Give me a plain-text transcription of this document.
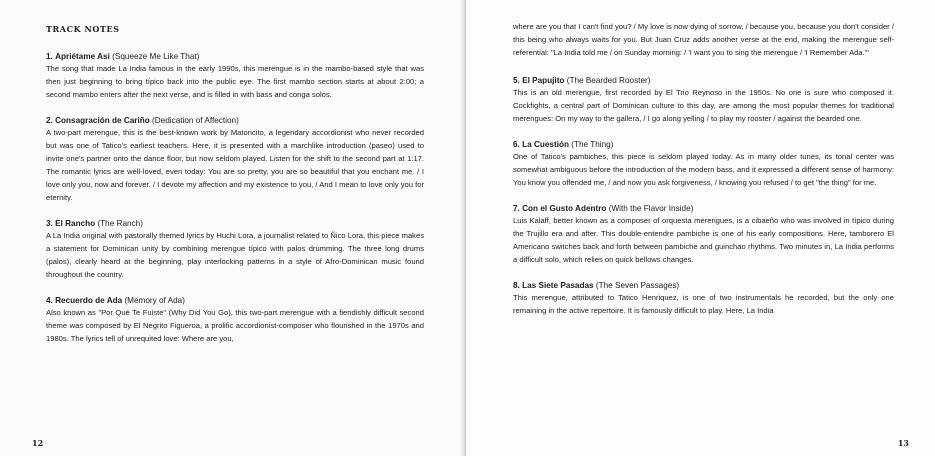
TRACK NOTES

1. Apriétame Asi (Squeeze Me Like That)

The song that made La India famous in the early 1990s, this merengue is in the mambo-based style that was then just beginning to bring típico back into the public eye. The first mambo section starts at about 2:00; a second mambo enters after the next verse, and is filled in with bass and conga solos.

2. Consagración de Cariño (Dedication of Affection)

A two-part merengue, this is the best-known work by Matoncito, a legendary accordionist who never recorded but was one of Tatico's earliest teachers. Here, it is presented with a marchlike introduction (paseo) used to invite one's partner onto the dance floor, but now seldom played. Listen for the shift to the second part at 1:17. The romantic lyrics are well-loved, even today: You are so pretty, you are so beautiful that you enchant me. / I love only you, now and forever. / I devote my affection and my existence to you, / And I mean to love only you for eternity.

3. El Rancho (The Ranch)

A La India original with pastorally themed lyrics by Huchi Lora, a journalist related to Ñico Lora, this piece makes a statement for Dominican unity by combining merengue típico with palos drumming. The three long drums (palos), clearly heard at the beginning, play interlocking patterns in a style of Afro-Dominican music found throughout the country.

4. Recuerdo de Ada (Memory of Ada)

Also known as "Por Qué Te Fuiste" (Why Did You Go), this two-part merengue with a fiendishly difficult second theme was composed by El Negrito Figueroa, a prolific accordionist-composer who flourished in the 1970s and 1980s. The lyrics tell of unrequited love: Where are you,

12

where are you that I can't find you? / My love is now dying of sorrow, / because you, because you don't consider / this being who always waits for you. But Juan Cruz adds another verse at the end, making the merengue self-referential: "La India told me / on Sunday morning: / 'I want you to sing the merengue / 'I Remember Ada.'"

5. El Papujito (The Bearded Rooster)

This is an old merengue, first recorded by El Trio Reynoso in the 1950s. No one is sure who composed it. Cockfights, a central part of Dominican culture to this day, are among the most popular themes for traditional merengues: On my way to the gallera, / I go along yelling / to play my rooster / against the bearded one.

6. La Cuestión (The Thing)

One of Tatico's pambiches, this piece is seldom played today. As in many older tunes, its tonal center was somewhat ambiguous before the introduction of the modern bass, and it expressed a different sense of harmony: You know you offended me, / and now you ask forgiveness, / knowing you refused / to get "the thing" for me.

7. Con el Gusto Adentro (With the Flavor Inside)

Luis Kalaff, better known as a composer of orquesta merengues, is a cibaeño who was involved in típico during the Trujillo era and after. This double-entendre pambiche is one of his early compositions. Here, tamborero El Americano switches back and forth between pambiche and guinchao rhythms. Two minutes in, La India performs a difficult solo, which relies on quick bellows changes.

8. Las Siete Pasadas (The Seven Passages)

This merengue, attributed to Tatico Henriquez, is one of two instrumentals he recorded, but the only one remaining in the active repertoire. It is famously difficult to play. Here, La India

13
